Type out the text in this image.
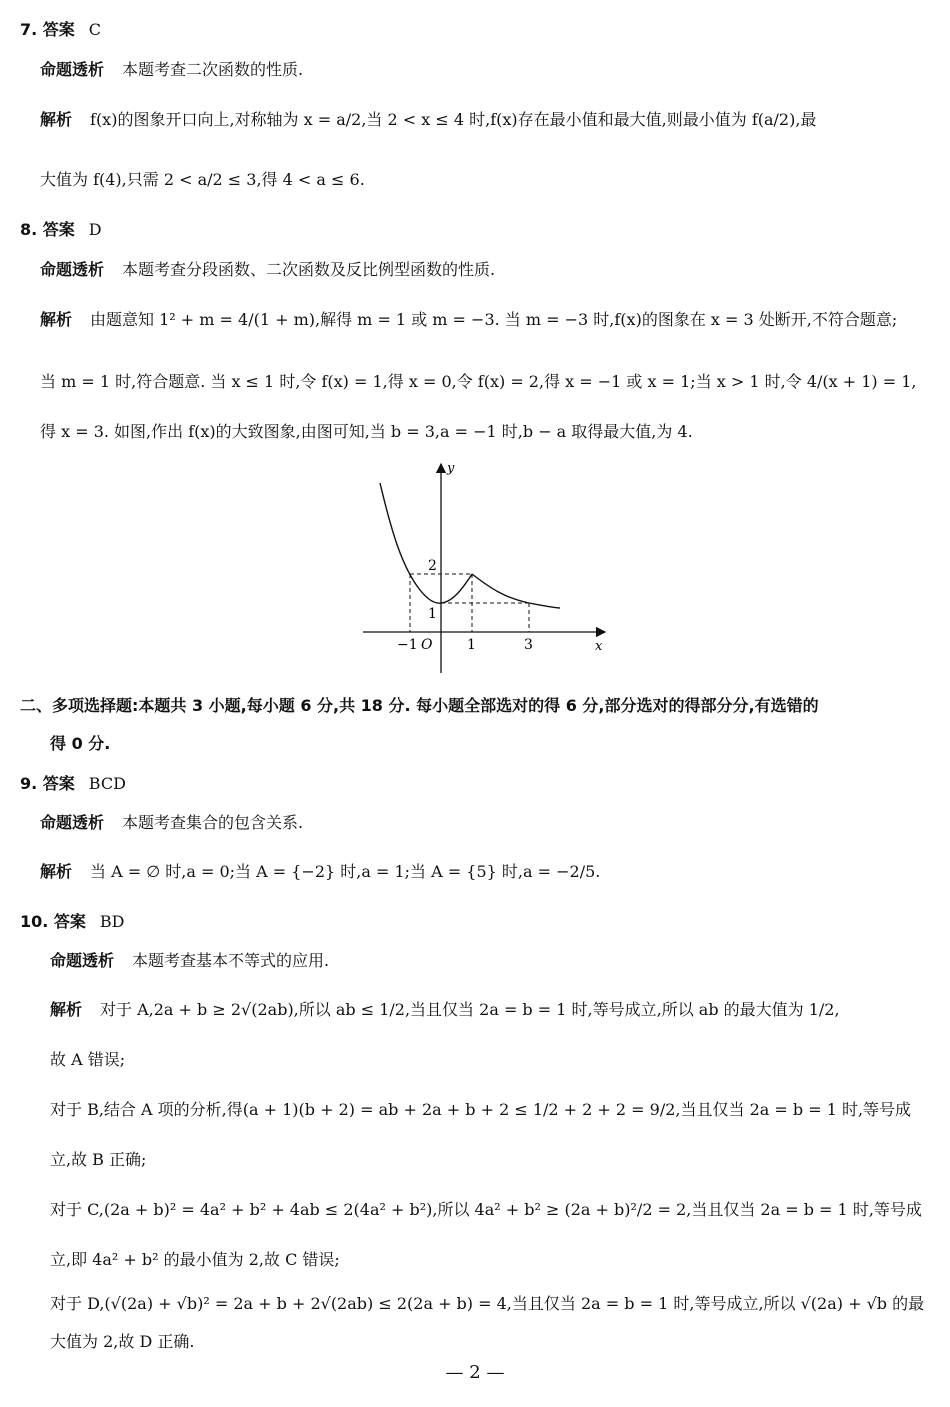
7. 答案 C
命题透析 本题考查二次函数的性质.
解析 f(x)的图象开口向上,对称轴为 x = a/2,当 2 < x ≤ 4 时,f(x)存在最小值和最大值,则最小值为 f(a/2),最
大值为 f(4),只需 2 < a/2 ≤ 3,得 4 < a ≤ 6.
8. 答案 D
命题透析 本题考查分段函数、二次函数及反比例型函数的性质.
解析 由题意知 1² + m = 4/(1 + m),解得 m = 1 或 m = −3. 当 m = −3 时,f(x)的图象在 x = 3 处断开,不符合题意;
当 m = 1 时,符合题意. 当 x ≤ 1 时,令 f(x) = 1,得 x = 0,令 f(x) = 2,得 x = −1 或 x = 1;当 x > 1 时,令 4/(x + 1) = 1,
得 x = 3. 如图,作出 f(x)的大致图象,由图可知,当 b = 3,a = −1 时,b − a 取得最大值,为 4.
y
x
O
−1	1	3
1
2
二、多项选择题:本题共 3 小题,每小题 6 分,共 18 分. 每小题全部选对的得 6 分,部分选对的得部分分,有选错的
得 0 分.
9. 答案 BCD
命题透析 本题考查集合的包含关系.
解析 当 A = ∅ 时,a = 0;当 A = {−2} 时,a = 1;当 A = {5} 时,a = −2/5.
10. 答案 BD
命题透析 本题考查基本不等式的应用.
解析 对于 A,2a + b ≥ 2√(2ab),所以 ab ≤ 1/2,当且仅当 2a = b = 1 时,等号成立,所以 ab 的最大值为 1/2,
故 A 错误;
对于 B,结合 A 项的分析,得(a + 1)(b + 2) = ab + 2a + b + 2 ≤ 1/2 + 2 + 2 = 9/2,当且仅当 2a = b = 1 时,等号成
立,故 B 正确;
对于 C,(2a + b)² = 4a² + b² + 4ab ≤ 2(4a² + b²),所以 4a² + b² ≥ (2a + b)²/2 = 2,当且仅当 2a = b = 1 时,等号成
立,即 4a² + b² 的最小值为 2,故 C 错误;
对于 D,(√(2a) + √b)² = 2a + b + 2√(2ab) ≤ 2(2a + b) = 4,当且仅当 2a = b = 1 时,等号成立,所以 √(2a) + √b 的最
大值为 2,故 D 正确.
— 2 —
